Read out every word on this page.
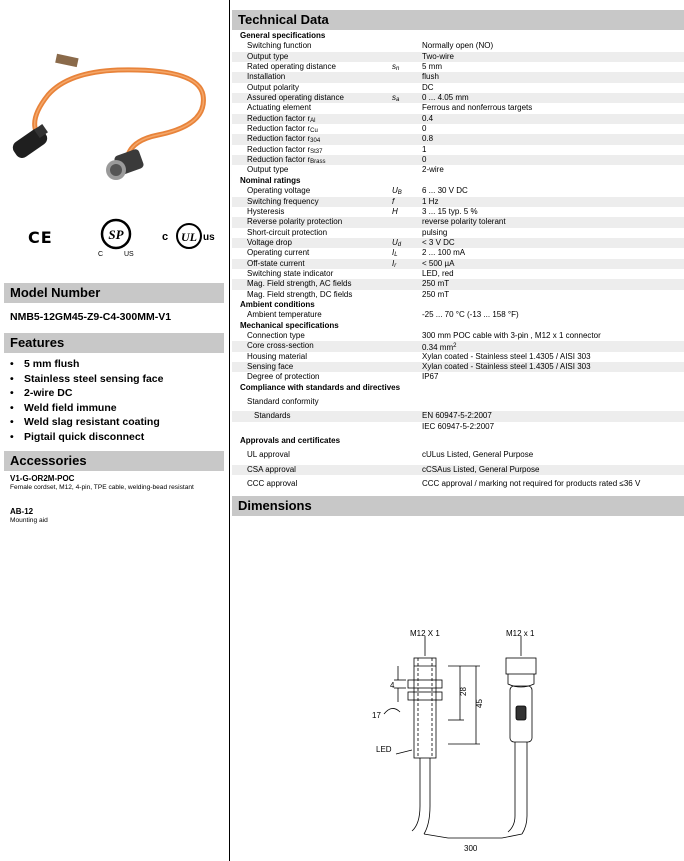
CE	SP
C	US
c UL us
Model Number
NMB5-12GM45-Z9-C4-300MM-V1
Features
• 5 mm flush
• Stainless steel sensing face
• 2-wire DC
• Weld field immune
• Weld slag resistant coating
• Pigtail quick disconnect
Accessories
V1-G-OR2M-POC
Female cordset, M12, 4-pin, TPE cable, welding-bead resistant
AB-12
Mounting aid
Technical Data
General specifications
Switching function	Normally open (NO)
Output type	Two-wire
Rated operating distance	$s_n$	5 mm
Installation	flush
Output polarity	DC
Assured operating distance	$s_a$	0 ... 4.05 mm
Actuating element	Ferrous and nonferrous targets
Reduction factor $r_{Al}$	0.4
Reduction factor $r_{Cu}$	0
Reduction factor $r_{304}$	0.8
Reduction factor $r_{St37}$	1
Reduction factor $r_{Brass}$	0
Output type	2-wire
Nominal ratings
Operating voltage	$U_B$	6 ... 30 V DC
Switching frequency	f	1 Hz
Hysteresis	H	3 ... 15 typ. 5 %
Reverse polarity protection	reverse polarity tolerant
Short-circuit protection	pulsing
Voltage drop	$U_d$	< 3 V DC
Operating current	$I_L$	2 ... 100 mA
Off-state current	$I_r$	< 500 µA
Switching state indicator	LED, red
Mag. Field strength, AC fields	250 mT
Mag. Field strength, DC fields	250 mT
Ambient conditions
Ambient temperature	-25 ... 70 °C (-13 ... 158 °F)
Mechanical specifications
Connection type	300 mm POC cable with 3-pin , M12 x 1 connector
Core cross-section	0.34 $mm^2$
Housing material	Xylan coated - Stainless steel 1.4305 / AISI 303
Sensing face	Xylan coated - Stainless steel 1.4305 / AISI 303
Degree of protection	IP67
Compliance with standards and directives
Standard conformity
Standards	EN 60947-5-2:2007
IEC 60947-5-2:2007
Approvals and certificates
UL approval	cULus Listed, General Purpose
CSA approval	cCSAus Listed, General Purpose
CCC approval	CCC approval / marking not required for products rated ≤36 V
Dimensions
M12 X 1	M12 x 1
4
28
45
17
LED
300
